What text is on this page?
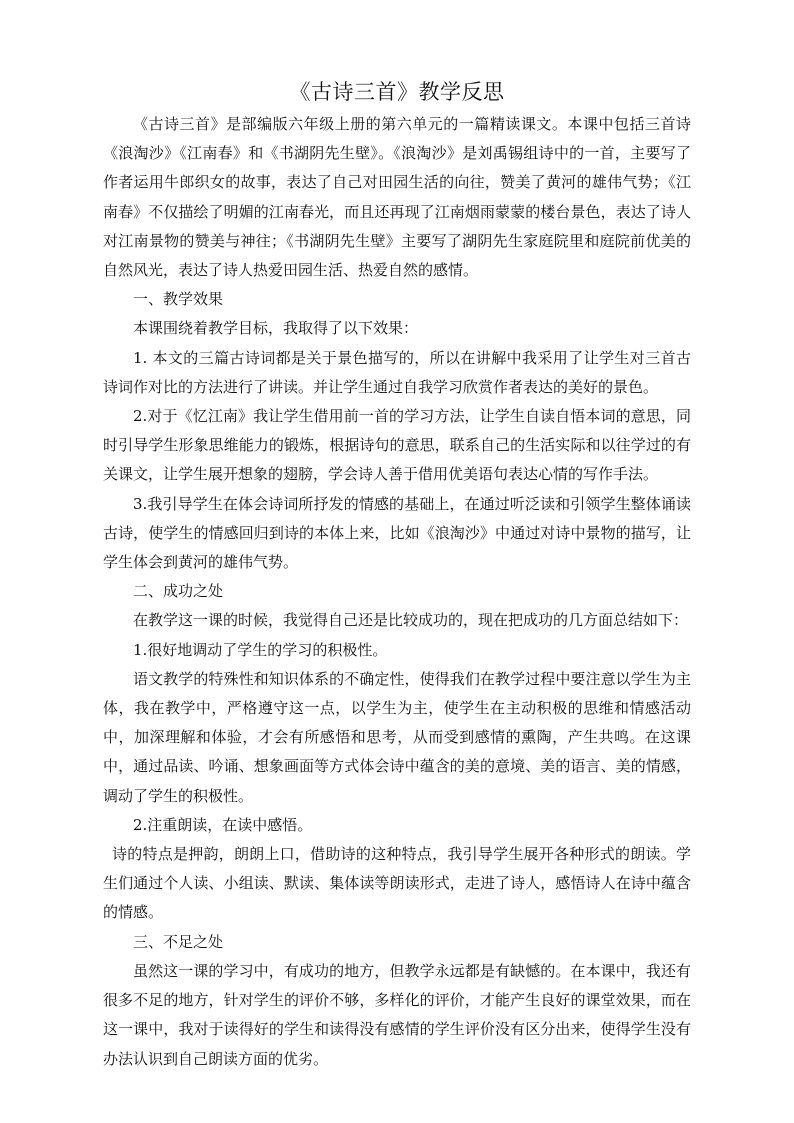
《古诗三首》教学反思

《古诗三首》是部编版六年级上册的第六单元的一篇精读课文。本课中包括三首诗《浪淘沙》《江南春》和《书湖阴先生壁》。《浪淘沙》是刘禹锡组诗中的一首，主要写了作者运用牛郎织女的故事，表达了自己对田园生活的向往，赞美了黄河的雄伟气势；《江南春》不仅描绘了明媚的江南春光，而且还再现了江南烟雨蒙蒙的楼台景色，表达了诗人对江南景物的赞美与神往；《书湖阴先生壁》主要写了湖阴先生家庭院里和庭院前优美的自然风光，表达了诗人热爱田园生活、热爱自然的感情。

一、教学效果

本课围绕着教学目标，我取得了以下效果：

1. 本文的三篇古诗词都是关于景色描写的，所以在讲解中我采用了让学生对三首古诗词作对比的方法进行了讲读。并让学生通过自我学习欣赏作者表达的美好的景色。

2.对于《忆江南》我让学生借用前一首的学习方法，让学生自读自悟本词的意思，同时引导学生形象思维能力的锻炼，根据诗句的意思，联系自己的生活实际和以往学过的有关课文，让学生展开想象的翅膀，学会诗人善于借用优美语句表达心情的写作手法。

3.我引导学生在体会诗词所抒发的情感的基础上，在通过听泛读和引领学生整体诵读古诗，使学生的情感回归到诗的本体上来，比如《浪淘沙》中通过对诗中景物的描写，让学生体会到黄河的雄伟气势。

二、成功之处

在教学这一课的时候，我觉得自己还是比较成功的，现在把成功的几方面总结如下：

1.很好地调动了学生的学习的积极性。

语文教学的特殊性和知识体系的不确定性，使得我们在教学过程中要注意以学生为主体，我在教学中，严格遵守这一点，以学生为主，使学生在主动积极的思维和情感活动中，加深理解和体验，才会有所感悟和思考，从而受到感情的熏陶，产生共鸣。在这课中，通过品读、吟诵、想象画面等方式体会诗中蕴含的美的意境、美的语言、美的情感，调动了学生的积极性。

2.注重朗读，在读中感悟。

诗的特点是押韵，朗朗上口，借助诗的这种特点，我引导学生展开各种形式的朗读。学生们通过个人读、小组读、默读、集体读等朗读形式，走进了诗人，感悟诗人在诗中蕴含的情感。

三、不足之处

虽然这一课的学习中，有成功的地方，但教学永远都是有缺憾的。在本课中，我还有很多不足的地方，针对学生的评价不够，多样化的评价，才能产生良好的课堂效果，而在这一课中，我对于读得好的学生和读得没有感情的学生评价没有区分出来，使得学生没有办法认识到自己朗读方面的优劣。
